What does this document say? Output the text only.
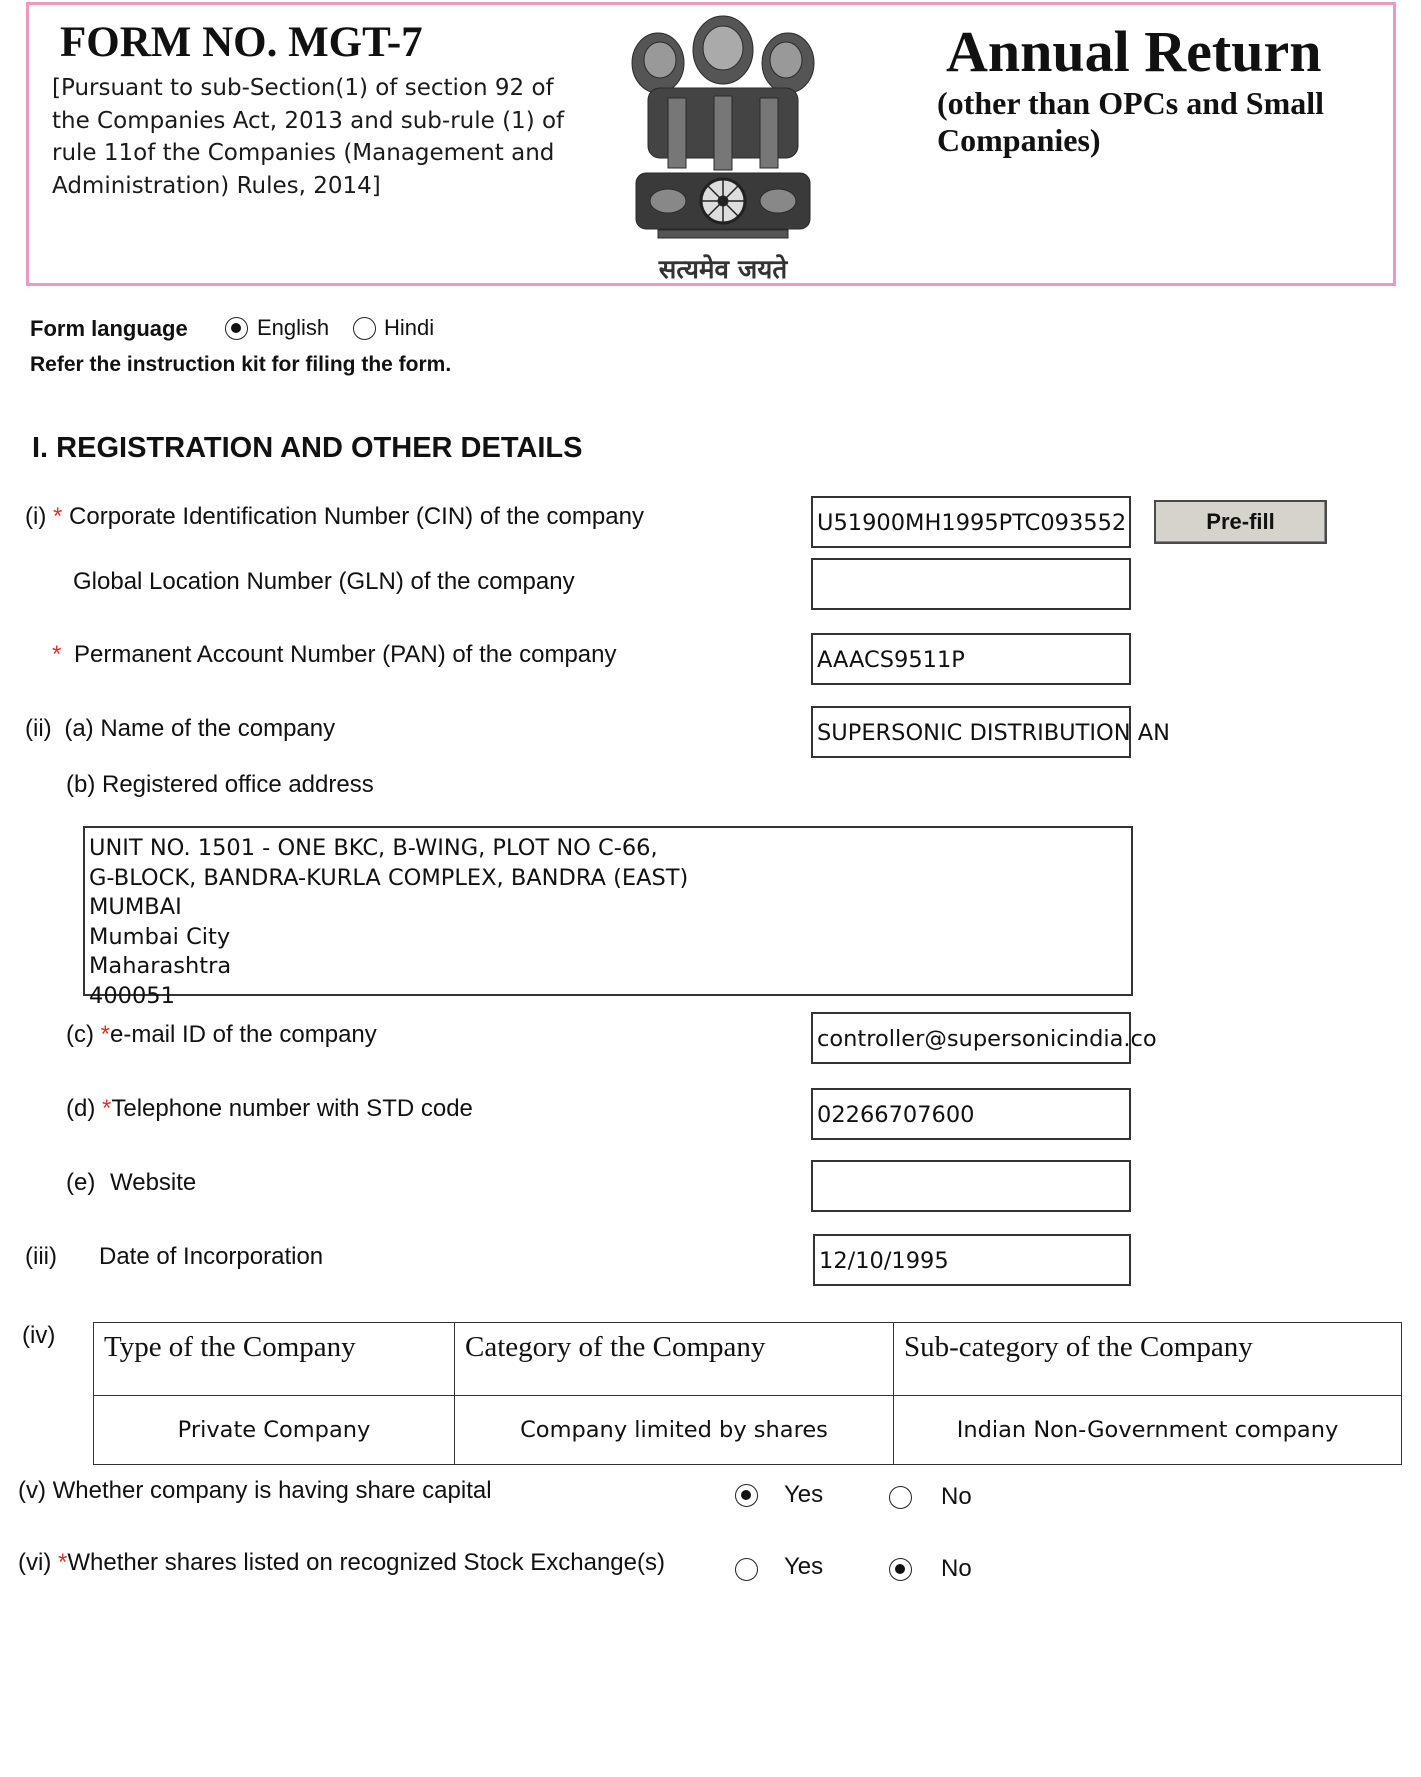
FORM NO. MGT-7
[Pursuant to sub-Section(1) of section 92 of the Companies Act, 2013 and sub-rule (1) of rule 11of the Companies (Management and Administration) Rules, 2014]
सत्यमेव जयते
Annual Return
(other than OPCs and Small Companies)
Form language	English Hindi
Refer the instruction kit for filing the form.
I. REGISTRATION AND OTHER DETAILS
(i) * Corporate Identification Number (CIN) of the company	U51900MH1995PTC093552	Pre-fill
Global Location Number (GLN) of the company
* Permanent Account Number (PAN) of the company	AAACS9511P
(ii) (a) Name of the company	SUPERSONIC DISTRIBUTION AN
(b) Registered office address
UNIT NO. 1501 - ONE BKC, B-WING, PLOT NO C-66,
G-BLOCK, BANDRA-KURLA COMPLEX, BANDRA (EAST)
MUMBAI
Mumbai City
Maharashtra
400051
(c) *e-mail ID of the company	controller@supersonicindia.co
(d) *Telephone number with STD code	02266707600
(e) Website
(iii) Date of Incorporation	12/10/1995
(iv) Type of the Company	Category of the Company	Sub-category of the Company
Private Company	Company limited by shares	Indian Non-Government company
(v) Whether company is having share capital	Yes	No
(vi) *Whether shares listed on recognized Stock Exchange(s)	Yes	No
